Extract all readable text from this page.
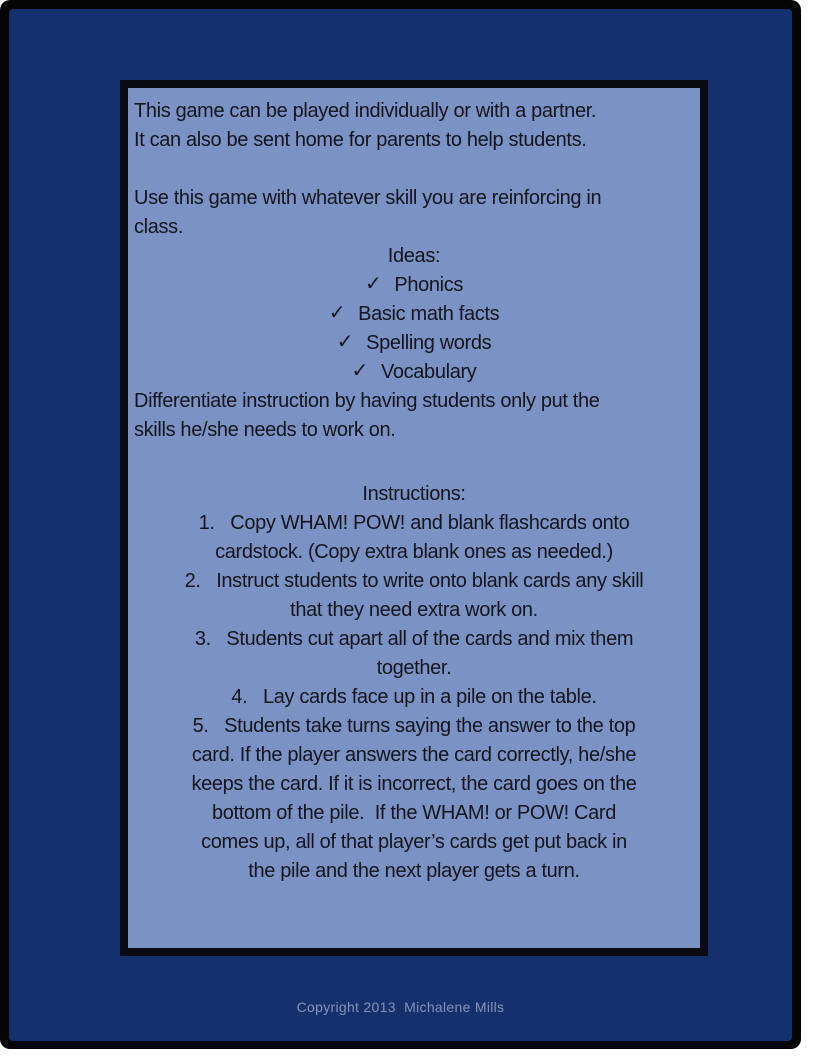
This game can be played individually or with a partner.
It can also be sent home for parents to help students.
Use this game with whatever skill you are reinforcing in
class.
Ideas:
✓ Phonics
✓ Basic math facts
✓ Spelling words
✓ Vocabulary
Differentiate instruction by having students only put the
skills he/she needs to work on.
Instructions:
1.   Copy WHAM! POW! and blank flashcards onto
cardstock. (Copy extra blank ones as needed.)
2.   Instruct students to write onto blank cards any skill
that they need extra work on.
3.   Students cut apart all of the cards and mix them
together.
4.   Lay cards face up in a pile on the table.
5.   Students take turns saying the answer to the top
card. If the player answers the card correctly, he/she
keeps the card. If it is incorrect, the card goes on the
bottom of the pile.  If the WHAM! or POW! Card
comes up, all of that player’s cards get put back in
the pile and the next player gets a turn.
Copyright 2013  Michalene Mills
